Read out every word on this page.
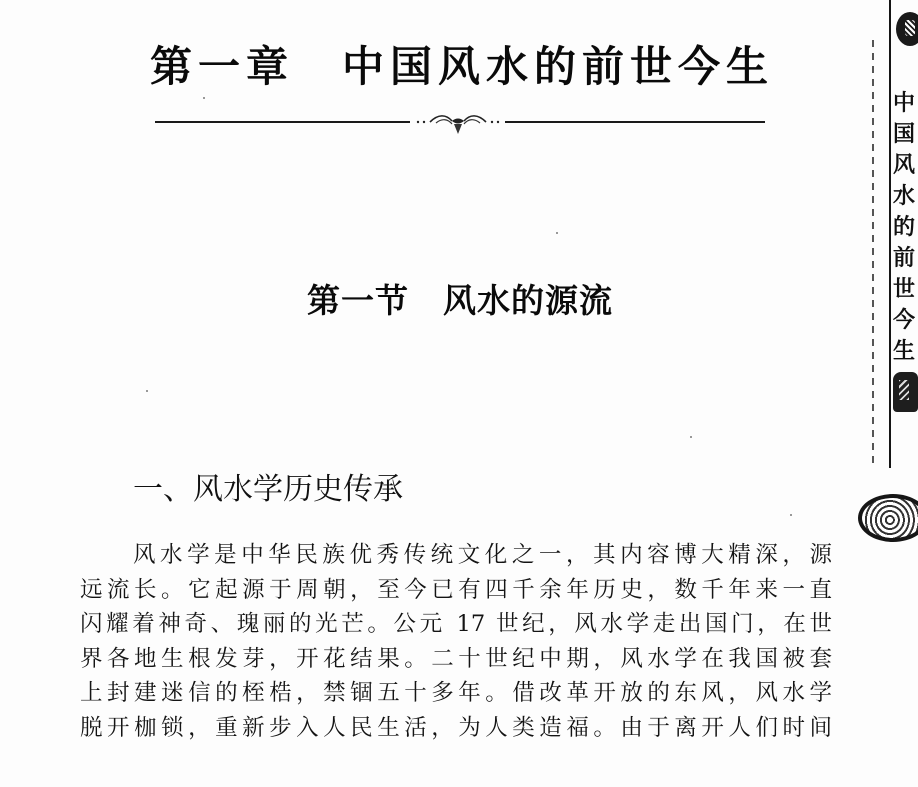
第一章　中国风水的前世今生
第一节　风水的源流
一、风水学历史传承
风水学是中华民族优秀传统文化之一，其内容博大精深，源
远流长。它起源于周朝，至今已有四千余年历史，数千年来一直
闪耀着神奇、瑰丽的光芒。公元 17 世纪，风水学走出国门，在世
界各地生根发芽，开花结果。二十世纪中期，风水学在我国被套
上封建迷信的桎梏，禁锢五十多年。借改革开放的东风，风水学
脱开枷锁，重新步入人民生活，为人类造福。由于离开人们时间
中
国
风
水
的
前
世
今
生
